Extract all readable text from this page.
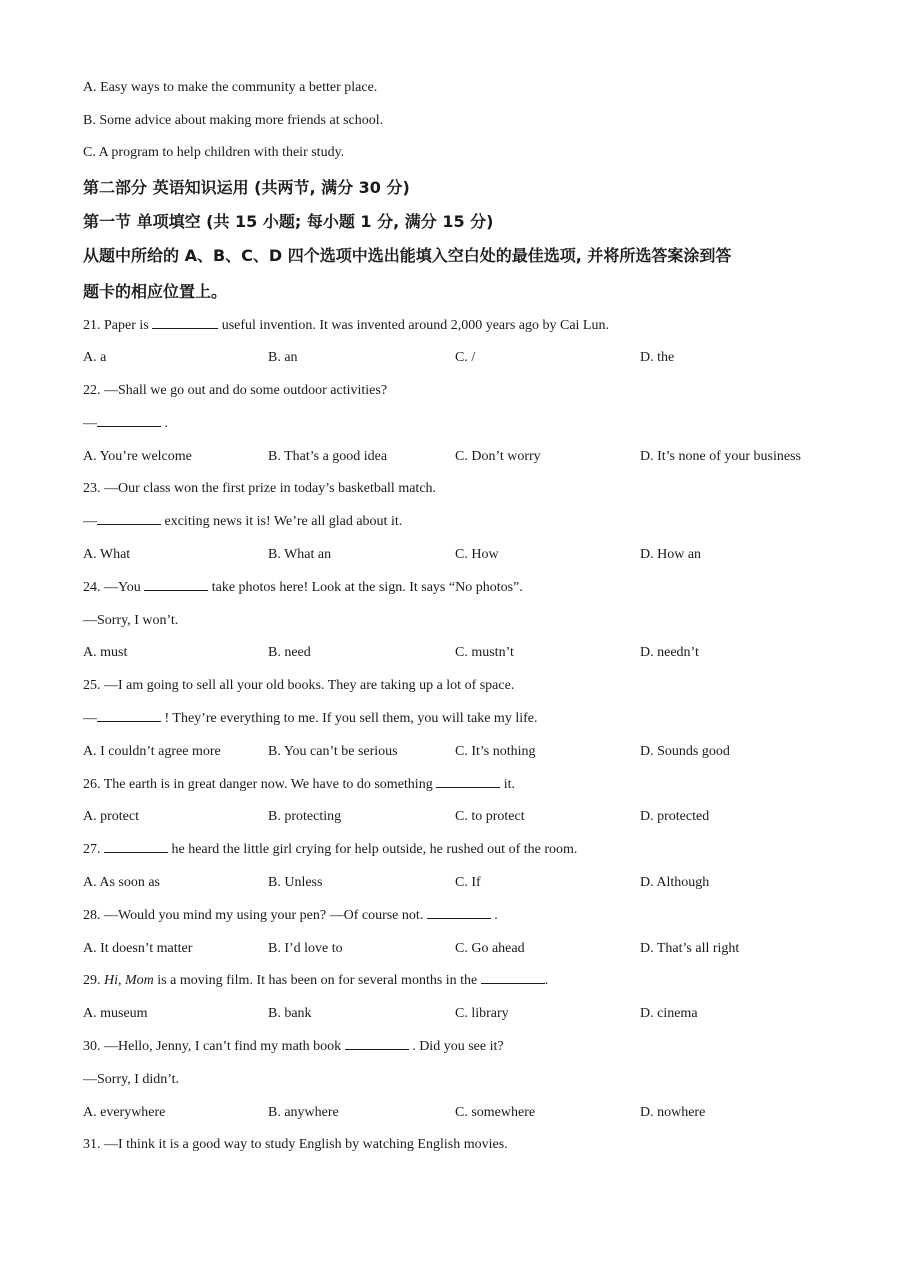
A. Easy ways to make the community a better place.
B. Some advice about making more friends at school.
C. A program to help children with their study.
第二部分 英语知识运用 (共两节, 满分 30 分)
第一节 单项填空 (共 15 小题; 每小题 1 分, 满分 15 分)
从题中所给的 A、B、C、D 四个选项中选出能填入空白处的最佳选项, 并将所选答案涂到答
题卡的相应位置上。
21. Paper is	useful invention. It was invented around 2,000 years ago by Cai Lun.
A. a	B. an	C. /	D. the
22. —Shall we go out and do some outdoor activities?
—	.
A. You’re welcome	B. That’s a good idea	C. Don’t worry	D. It’s none of your business
23. —Our class won the first prize in today’s basketball match.
—	exciting news it is! We’re all glad about it.
A. What	B. What an	C. How	D. How an
24. —You	take photos here! Look at the sign. It says “No photos”.
—Sorry, I won’t.
A. must	B. need	C. mustn’t	D. needn’t
25. —I am going to sell all your old books. They are taking up a lot of space.
—	! They’re everything to me. If you sell them, you will take my life.
A. I couldn’t agree more	B. You can’t be serious	C. It’s nothing	D. Sounds good
26. The earth is in great danger now. We have to do something	it.
A. protect	B. protecting	C. to protect	D. protected
27.	he heard the little girl crying for help outside, he rushed out of the room.
A. As soon as	B. Unless	C. If	D. Although
28. —Would you mind my using your pen? —Of course not.	.
A. It doesn’t matter	B. I’d love to	C. Go ahead	D. That’s all right
29. Hi, Mom is a moving film. It has been on for several months in the	.
A. museum	B. bank	C. library	D. cinema
30. —Hello, Jenny, I can’t find my math book	. Did you see it?
—Sorry, I didn’t.
A. everywhere	B. anywhere	C. somewhere	D. nowhere
31. —I think it is a good way to study English by watching English movies.
